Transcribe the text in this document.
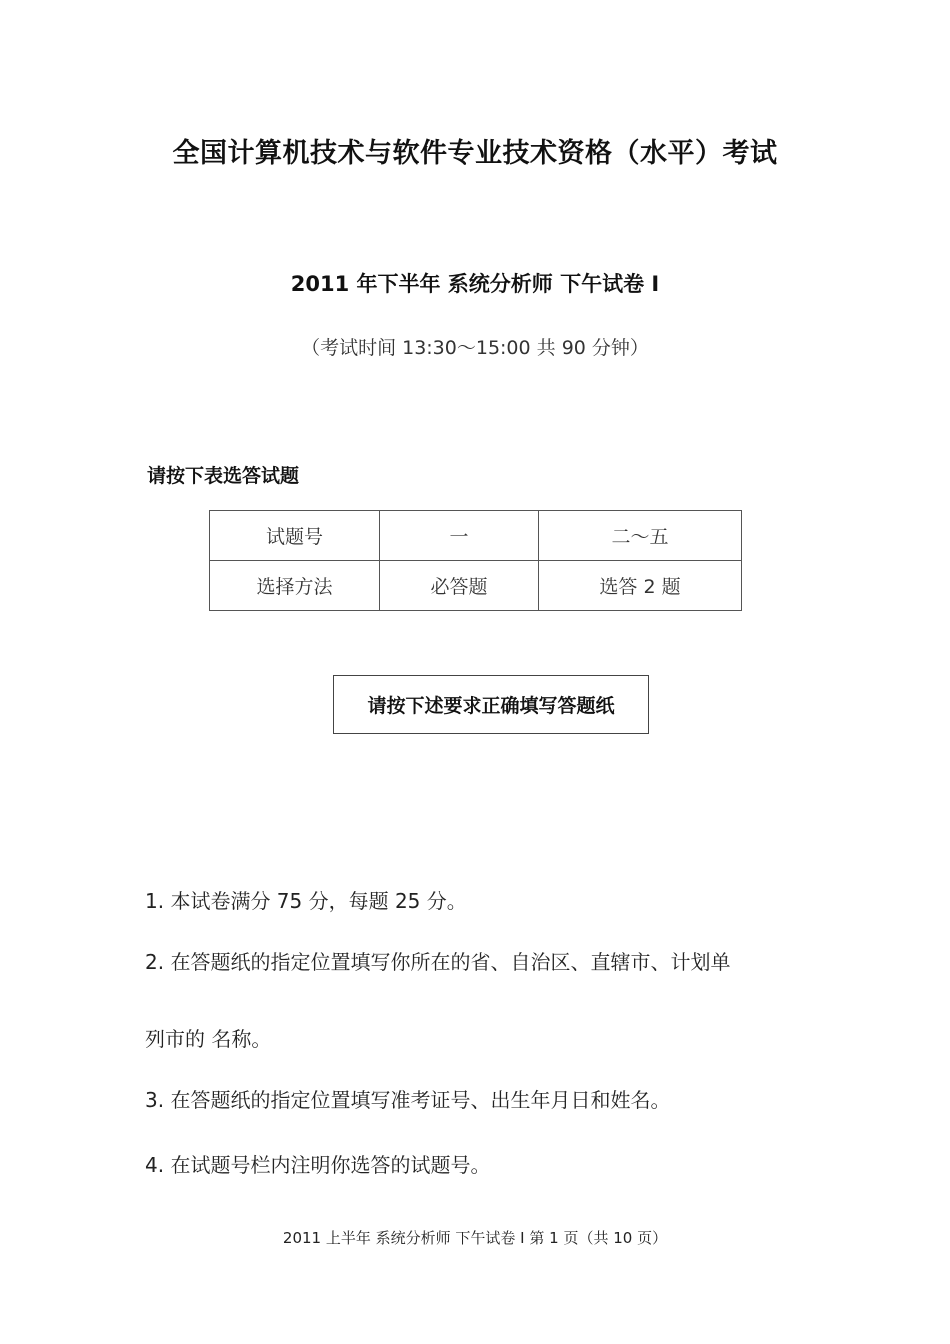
全国计算机技术与软件专业技术资格（水平）考试
2011 年下半年 系统分析师 下午试卷 I
（考试时间 13:30～15:00 共 90 分钟）
请按下表选答试题
试题号	一	二～五
选择方法	必答题	选答 2 题
请按下述要求正确填写答题纸
1. 本试卷满分 75 分，每题 25 分。
2. 在答题纸的指定位置填写你所在的省、自治区、直辖市、计划单
列市的 名称。
3. 在答题纸的指定位置填写准考证号、出生年月日和姓名。
4. 在试题号栏内注明你选答的试题号。
2011 上半年 系统分析师 下午试卷 I 第 1 页（共 10 页）
